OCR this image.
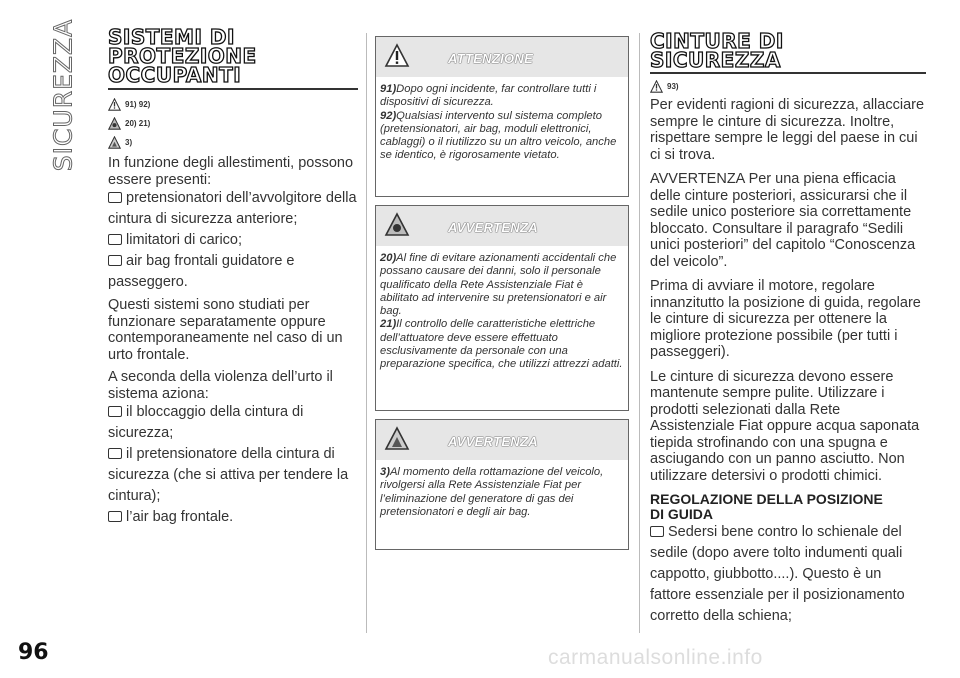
SICUREZZA
96	carmanualsonline.info
SISTEMI DI
PROTEZIONE
OCCUPANTI
91) 92)
20) 21)
3)

In funzione degli allestimenti, possono essere presenti:

pretensionatori dell’avvolgitore della cintura di sicurezza anteriore;

limitatori di carico;

air bag frontali guidatore e passeggero.

Questi sistemi sono studiati per funzionare separatamente oppure contemporaneamente nel caso di un urto frontale.

A seconda della violenza dell’urto il sistema aziona:

il bloccaggio della cintura di sicurezza;

il pretensionatore della cintura di sicurezza (che si attiva per tendere la cintura);

l’air bag frontale.

ATTENZIONE

91)Dopo ogni incidente, far controllare tutti i dispositivi di sicurezza.

92)Qualsiasi intervento sul sistema completo (pretensionatori, air bag, moduli elettronici, cablaggi) o il riutilizzo su un altro veicolo, anche se identico, è rigorosamente vietato.

AVVERTENZA

20)Al fine di evitare azionamenti accidentali che possano causare dei danni, solo il personale qualificato della Rete Assistenziale Fiat è abilitato ad intervenire su pretensionatori e air bag.

21)Il controllo delle caratteristiche elettriche dell’attuatore deve essere effettuato esclusivamente da personale con una preparazione specifica, che utilizzi attrezzi adatti.

AVVERTENZA

3)Al momento della rottamazione del veicolo, rivolgersi alla Rete Assistenziale Fiat per l’eliminazione del generatore di gas dei pretensionatori e degli air bag.

CINTURE DI
SICUREZZA
93)

Per evidenti ragioni di sicurezza, allacciare sempre le cinture di sicurezza. Inoltre, rispettare sempre le leggi del paese in cui ci si trova.

AVVERTENZA Per una piena efficacia delle cinture posteriori, assicurarsi che il sedile unico posteriore sia correttamente bloccato. Consultare il paragrafo “Sedili unici posteriori” del capitolo “Conoscenza del veicolo”.

Prima di avviare il motore, regolare innanzitutto la posizione di guida, regolare le cinture di sicurezza per ottenere la migliore protezione possibile (per tutti i passeggeri).

Le cinture di sicurezza devono essere mantenute sempre pulite. Utilizzare i prodotti selezionati dalla Rete Assistenziale Fiat oppure acqua saponata tiepida strofinando con una spugna e asciugando con un panno asciutto. Non utilizzare detersivi o prodotti chimici.

REGOLAZIONE DELLA POSIZIONE
DI GUIDA

Sedersi bene contro lo schienale del sedile (dopo avere tolto indumenti quali cappotto, giubbotto....). Questo è un fattore essenziale per il posizionamento corretto della schiena;
